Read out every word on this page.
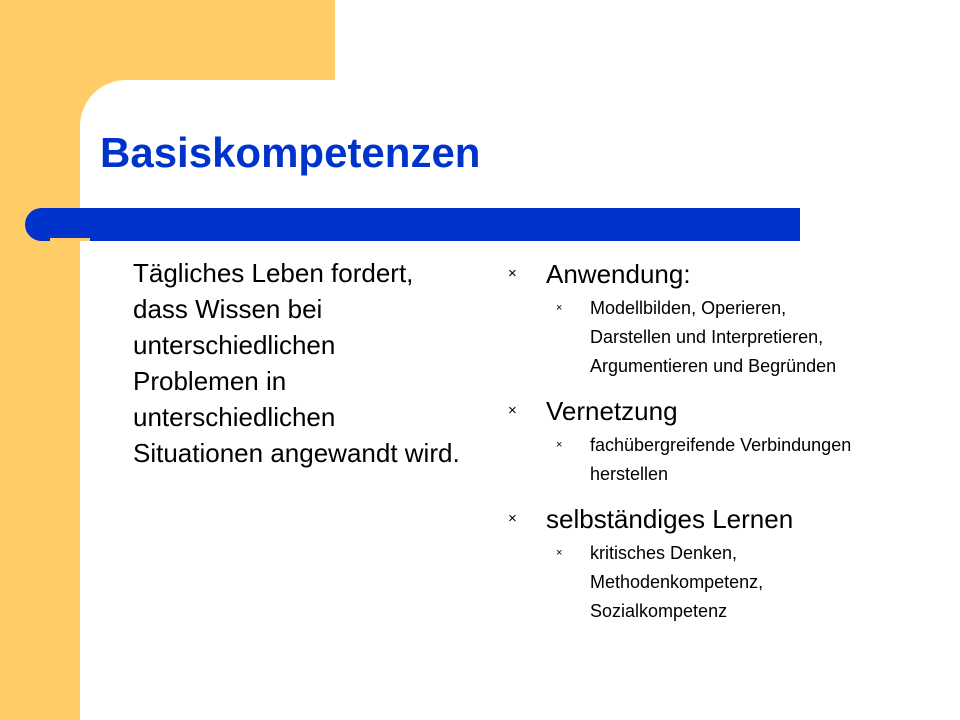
Basiskompetenzen

Tägliches Leben fordert, dass Wissen bei unterschiedlichen Problemen in unterschiedlichen Situationen angewandt wird.

×	Anwendung:
×	Modellbilden, Operieren, Darstellen und Interpretieren, Argumentieren und Begründen
×	Vernetzung
×	fachübergreifende Verbindungen herstellen
×	selbständiges Lernen
×	kritisches Denken, Methodenkompetenz, Sozialkompetenz
